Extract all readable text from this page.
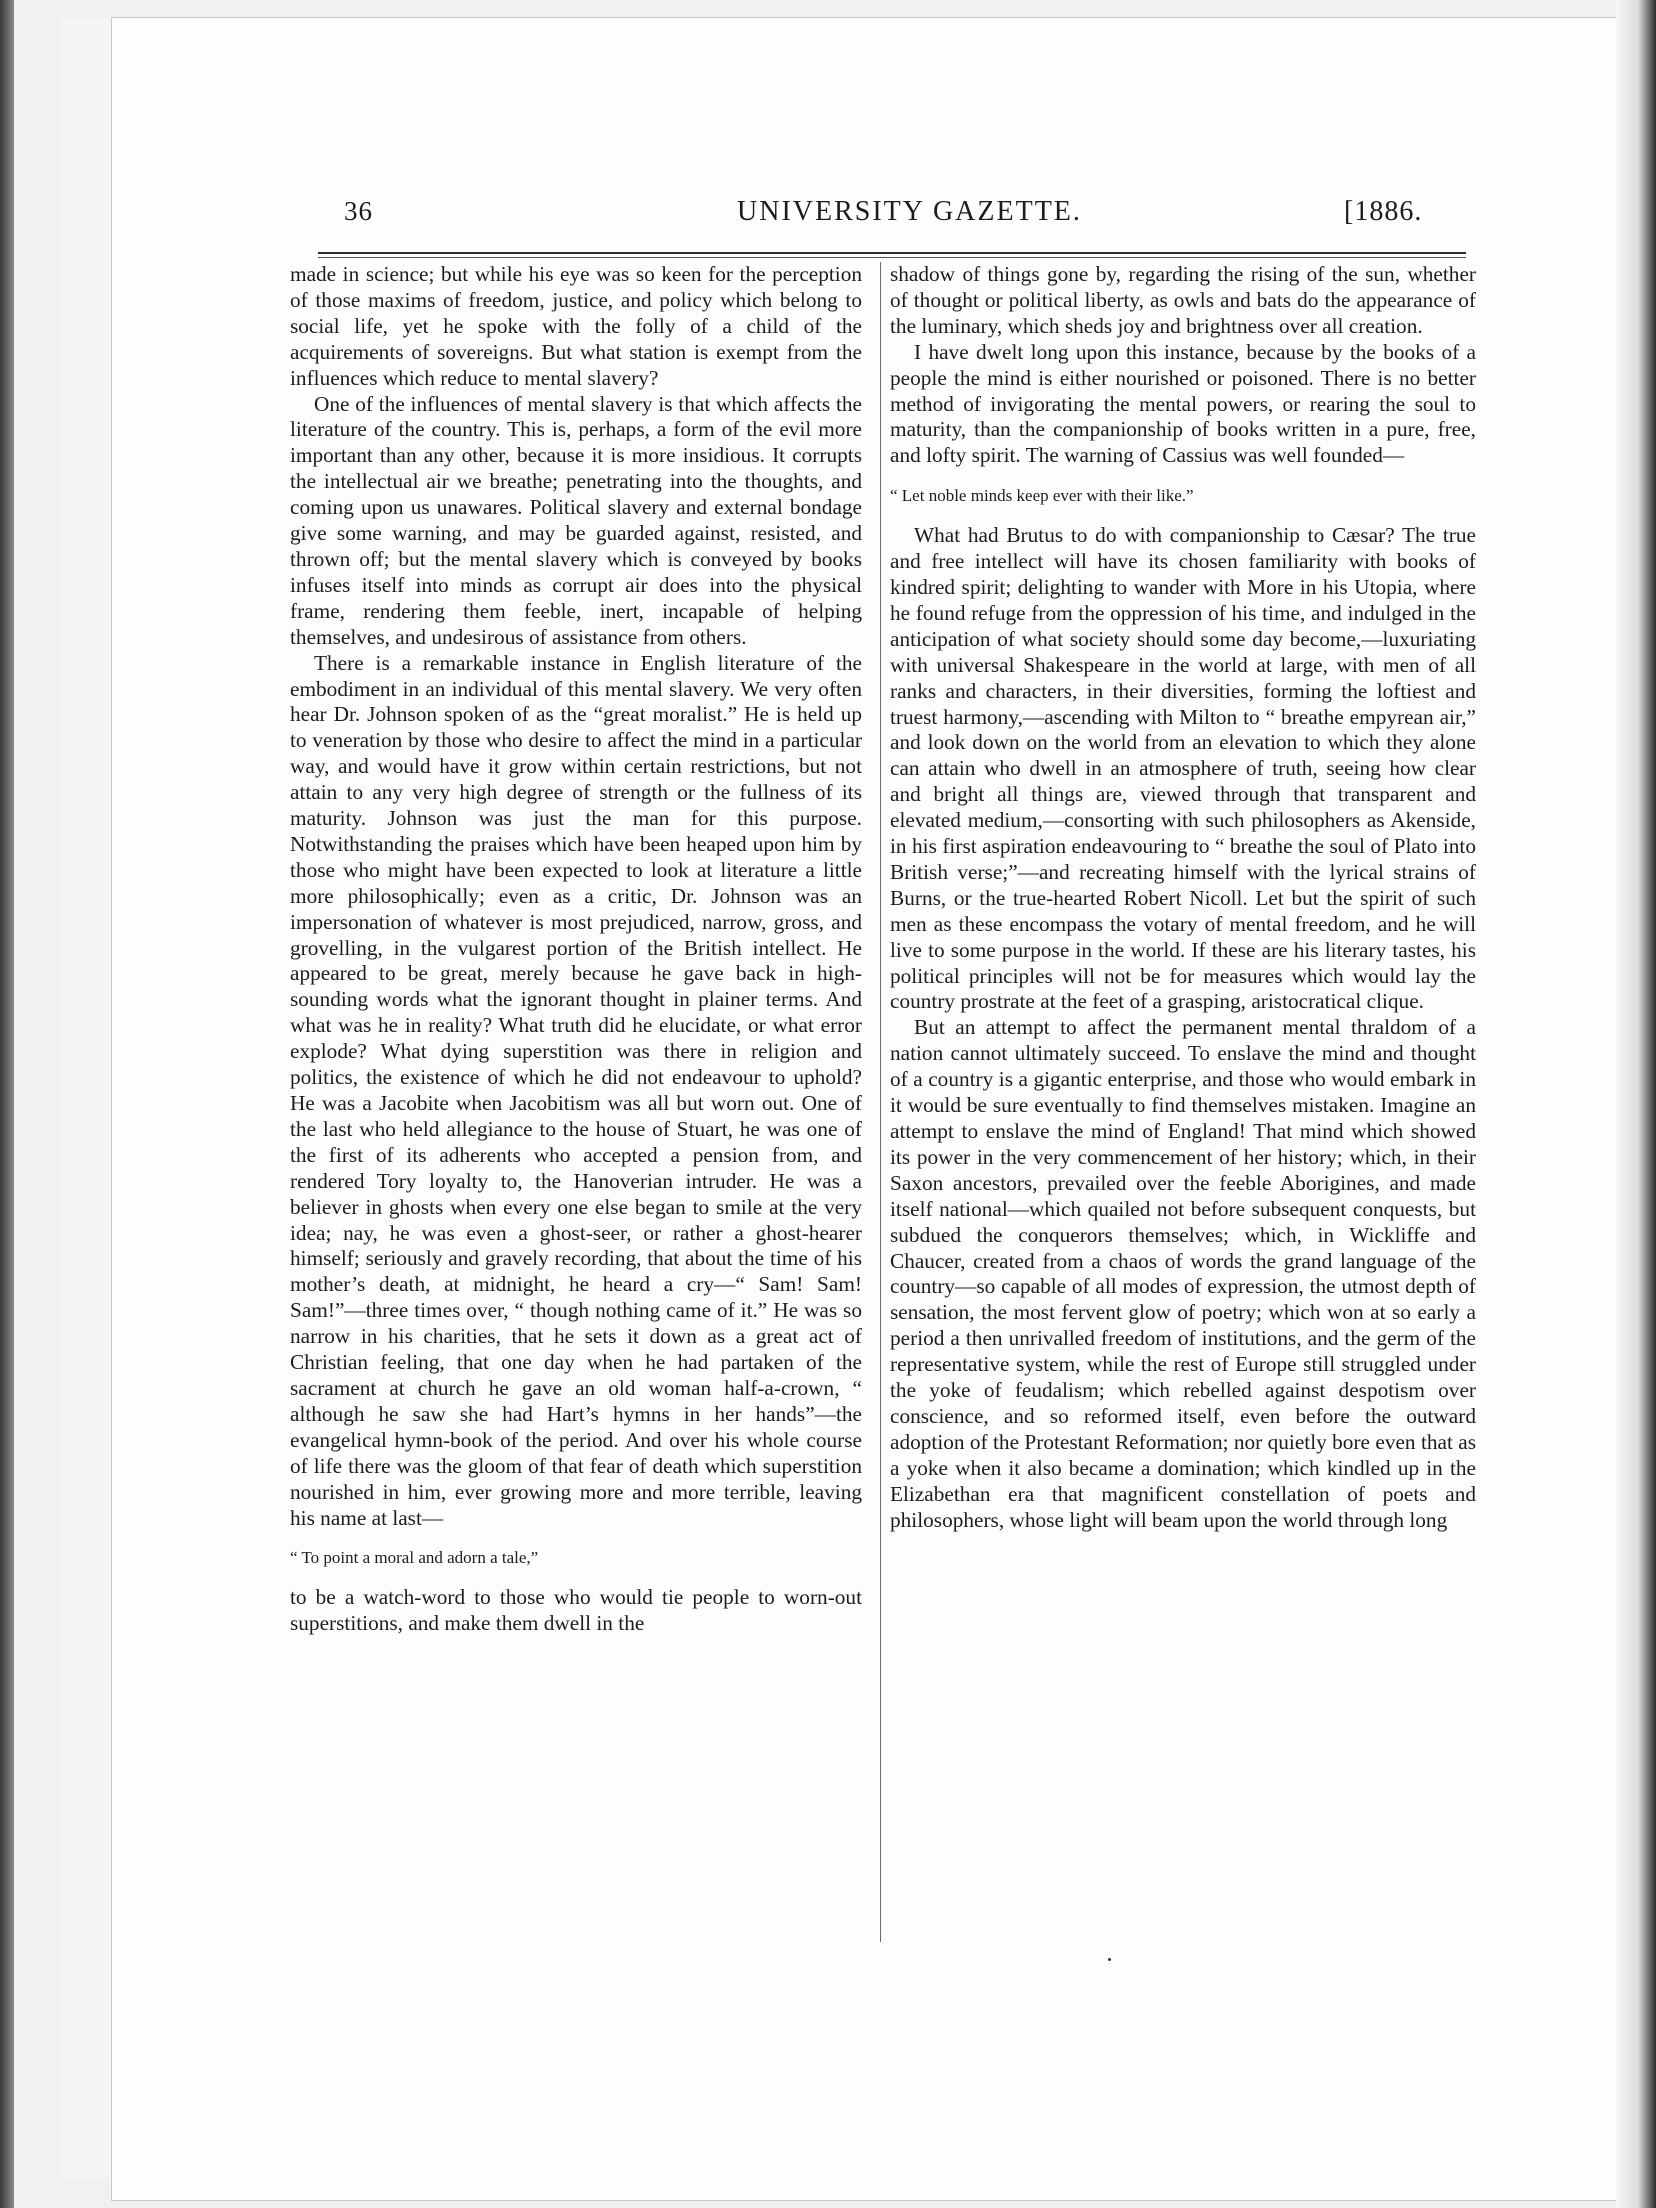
36	UNIVERSITY GAZETTE.	[1886.

made in science; but while his eye was so keen for the perception of those maxims of freedom, justice, and policy which belong to social life, yet he spoke with the folly of a child of the acquirements of sovereigns. But what station is exempt from the influences which reduce to mental slavery?

One of the influences of mental slavery is that which affects the literature of the country. This is, perhaps, a form of the evil more important than any other, because it is more insidious. It corrupts the intellectual air we breathe; penetrating into the thoughts, and coming upon us unawares. Political slavery and external bondage give some warning, and may be guarded against, resisted, and thrown off; but the mental slavery which is conveyed by books infuses itself into minds as corrupt air does into the physical frame, rendering them feeble, inert, incapable of helping themselves, and undesirous of assistance from others.

There is a remarkable instance in English literature of the embodiment in an individual of this mental slavery. We very often hear Dr. Johnson spoken of as the “great moralist.” He is held up to veneration by those who desire to affect the mind in a particular way, and would have it grow within certain restrictions, but not attain to any very high degree of strength or the fullness of its maturity. Johnson was just the man for this purpose. Notwithstanding the praises which have been heaped upon him by those who might have been expected to look at literature a little more philosophically; even as a critic, Dr. Johnson was an impersonation of whatever is most prejudiced, narrow, gross, and grovelling, in the vulgarest portion of the British intellect. He appeared to be great, merely because he gave back in high-sounding words what the ignorant thought in plainer terms. And what was he in reality? What truth did he elucidate, or what error explode? What dying superstition was there in religion and politics, the existence of which he did not endeavour to uphold? He was a Jacobite when Jacobitism was all but worn out. One of the last who held allegiance to the house of Stuart, he was one of the first of its adherents who accepted a pension from, and rendered Tory loyalty to, the Hanoverian intruder. He was a believer in ghosts when every one else began to smile at the very idea; nay, he was even a ghost-seer, or rather a ghost-hearer himself; seriously and gravely recording, that about the time of his mother’s death, at midnight, he heard a cry—“ Sam! Sam! Sam!”—three times over, “ though nothing came of it.” He was so narrow in his charities, that he sets it down as a great act of Christian feeling, that one day when he had partaken of the sacrament at church he gave an old woman half-a-crown, “ although he saw she had Hart’s hymns in her hands”—the evangelical hymn-book of the period. And over his whole course of life there was the gloom of that fear of death which superstition nourished in him, ever growing more and more terrible, leaving his name at last—

“ To point a moral and adorn a tale,”

to be a watch-word to those who would tie people to worn-out superstitions, and make them dwell in the

shadow of things gone by, regarding the rising of the sun, whether of thought or political liberty, as owls and bats do the appearance of the luminary, which sheds joy and brightness over all creation.

I have dwelt long upon this instance, because by the books of a people the mind is either nourished or poisoned. There is no better method of invigorating the mental powers, or rearing the soul to maturity, than the companionship of books written in a pure, free, and lofty spirit. The warning of Cassius was well founded—

“ Let noble minds keep ever with their like.”

What had Brutus to do with companionship to Cæsar? The true and free intellect will have its chosen familiarity with books of kindred spirit; delighting to wander with More in his Utopia, where he found refuge from the oppression of his time, and indulged in the anticipation of what society should some day become,—luxuriating with universal Shakespeare in the world at large, with men of all ranks and characters, in their diversities, forming the loftiest and truest harmony,—ascending with Milton to “ breathe empyrean air,” and look down on the world from an elevation to which they alone can attain who dwell in an atmosphere of truth, seeing how clear and bright all things are, viewed through that transparent and elevated medium,—consorting with such philosophers as Akenside, in his first aspiration endeavouring to “ breathe the soul of Plato into British verse;”—and recreating himself with the lyrical strains of Burns, or the true-hearted Robert Nicoll. Let but the spirit of such men as these encompass the votary of mental freedom, and he will live to some purpose in the world. If these are his literary tastes, his political principles will not be for measures which would lay the country prostrate at the feet of a grasping, aristocratical clique.

But an attempt to affect the permanent mental thraldom of a nation cannot ultimately succeed. To enslave the mind and thought of a country is a gigantic enterprise, and those who would embark in it would be sure eventually to find themselves mistaken. Imagine an attempt to enslave the mind of England! That mind which showed its power in the very commencement of her history; which, in their Saxon ancestors, prevailed over the feeble Aborigines, and made itself national—which quailed not before subsequent conquests, but subdued the conquerors themselves; which, in Wickliffe and Chaucer, created from a chaos of words the grand language of the country—so capable of all modes of expression, the utmost depth of sensation, the most fervent glow of poetry; which won at so early a period a then unrivalled freedom of institutions, and the germ of the representative system, while the rest of Europe still struggled under the yoke of feudalism; which rebelled against despotism over conscience, and so reformed itself, even before the outward adoption of the Protestant Reformation; nor quietly bore even that as a yoke when it also became a domination; which kindled up in the Elizabethan era that magnificent constellation of poets and philosophers, whose light will beam upon the world through long
